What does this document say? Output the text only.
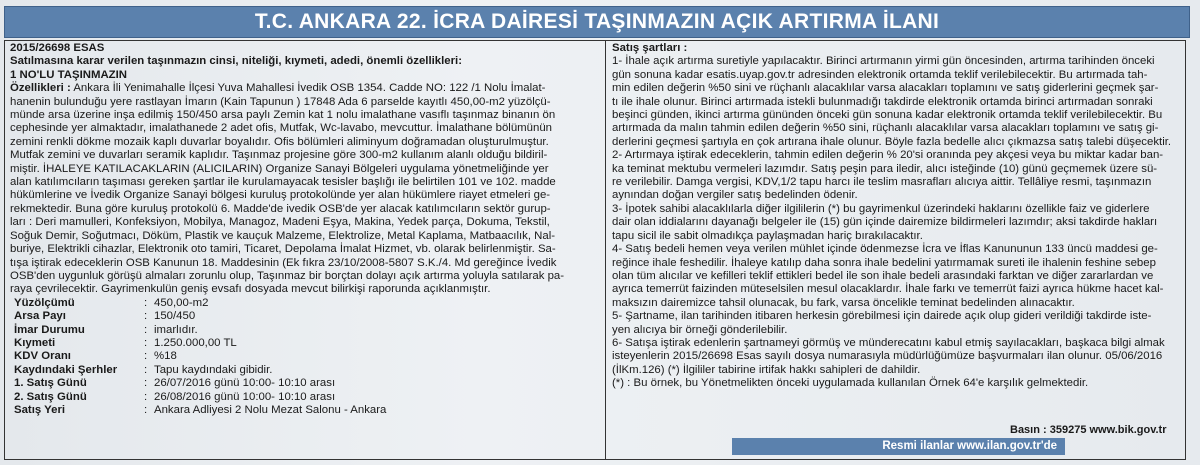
T.C. ANKARA 22. İCRA DAİRESİ TAŞINMAZIN AÇIK ARTIRMA İLANI
2015/26698 ESAS
Satılmasına karar verilen taşınmazın cinsi, niteliği, kıymeti, adedi, önemli özellikleri:
1 NO'LU TAŞINMAZIN
Özellikleri : Ankara İli Yenimahalle İlçesi Yuva Mahallesi İvedik OSB 1354. Cadde NO: 122 /1 Nolu İmalat-
hanenin bulunduğu yere rastlayan İmarın (Kain Tapunun ) 17848 Ada 6 parselde kayıtlı 450,00-m2 yüzölçü-
münde arsa üzerine inşa edilmiş 150/450 arsa paylı Zemin kat 1 nolu imalathane vasıflı taşınmaz binanın ön
cephesinde yer almaktadır, imalathanede 2 adet ofis, Mutfak, Wc-lavabo, mevcuttur. İmalathane bölümünün
zemini renkli dökme mozaik kaplı duvarlar boyalıdır. Ofis bölümleri aliminyum doğramadan oluşturulmuştur.
Mutfak zemini ve duvarları seramik kaplıdır. Taşınmaz projesine göre 300-m2 kullanım alanlı olduğu bildiril-
miştir. İHALEYE KATILACAKLARIN (ALICILARIN) Organize Sanayi Bölgeleri uygulama yönetmeliğinde yer
alan katılımcıların taşıması gereken şartlar ile kurulamayacak tesisler başlığı ile belirtilen 101 ve 102. madde
hükümlerine ve İvedik Organize Sanayi bölgesi kuruluş protokolünde yer alan hükümlere riayet etmeleri ge-
rekmektedir. Buna göre kuruluş protokolü 6. Madde'de ivedik OSB'de yer alacak katılımcıların sektör gurup-
ları : Deri mamulleri, Konfeksiyon, Mobilya, Managoz, Madeni Eşya, Makina, Yedek parça, Dokuma, Tekstil,
Soğuk Demir, Soğutmacı, Döküm, Plastik ve kauçuk Malzeme, Elektrolize, Metal Kaplama, Matbaacılık, Nal-
buriye, Elektrikli cihazlar, Elektronik oto tamiri, Ticaret, Depolama İmalat Hizmet, vb. olarak belirlenmiştir. Sa-
tışa iştirak edeceklerin OSB Kanunun 18. Maddesinin (Ek fıkra 23/10/2008-5807 S.K./4. Md gereğince İvedik
OSB'den uygunluk görüşü almaları zorunlu olup, Taşınmaz bir borçtan dolayı açık artırma yoluyla satılarak pa-
raya çevrilecektir. Gayrimenkulün geniş evsafı dosyada mevcut bilirkişi raporunda açıklanmıştır.
Yüzölçümü	: 450,00-m2
Arsa Payı	: 150/450
İmar Durumu	: imarlıdır.
Kıymeti	: 1.250.000,00 TL
KDV Oranı	: %18
Kaydındaki Şerhler	: Tapu kaydındaki gibidir.
1. Satış Günü	: 26/07/2016 günü 10:00- 10:10 arası
2. Satış Günü	: 26/08/2016 günü 10:00- 10:10 arası
Satış Yeri	: Ankara Adliyesi 2 Nolu Mezat Salonu - Ankara
Satış şartları :
1- İhale açık artırma suretiyle yapılacaktır. Birinci artırmanın yirmi gün öncesinden, artırma tarihinden önceki
gün sonuna kadar esatis.uyap.gov.tr adresinden elektronik ortamda teklif verilebilecektir. Bu artırmada tah-
min edilen değerin %50 sini ve rüçhanlı alacaklılar varsa alacakları toplamını ve satış giderlerini geçmek şar-
tı ile ihale olunur. Birinci artırmada istekli bulunmadığı takdirde elektronik ortamda birinci artırmadan sonraki
beşinci günden, ikinci artırma gününden önceki gün sonuna kadar elektronik ortamda teklif verilebilecektir. Bu
artırmada da malın tahmin edilen değerin %50 sini, rüçhanlı alacaklılar varsa alacakları toplamını ve satış gi-
derlerini geçmesi şartıyla en çok artırana ihale olunur. Böyle fazla bedelle alıcı çıkmazsa satış talebi düşecektir.
2- Artırmaya iştirak edeceklerin, tahmin edilen değerin % 20'si oranında pey akçesi veya bu miktar kadar ban-
ka teminat mektubu vermeleri lazımdır. Satış peşin para iledir, alıcı isteğinde (10) günü geçmemek üzere sü-
re verilebilir. Damga vergisi, KDV,1/2 tapu harcı ile teslim masrafları alıcıya aittir. Tellâliye resmi, taşınmazın
aynından doğan vergiler satış bedelinden ödenir.
3- İpotek sahibi alacaklılarla diğer ilgililerin (*) bu gayrimenkul üzerindeki haklarını özellikle faiz ve giderlere
dair olan iddialarını dayanağı belgeler ile (15) gün içinde dairemize bildirmeleri lazımdır; aksi takdirde hakları
tapu sicil ile sabit olmadıkça paylaşmadan hariç bırakılacaktır.
4- Satış bedeli hemen veya verilen mühlet içinde ödenmezse İcra ve İflas Kanununun 133 üncü maddesi ge-
reğince ihale feshedilir. İhaleye katılıp daha sonra ihale bedelini yatırmamak sureti ile ihalenin feshine sebep
olan tüm alıcılar ve kefilleri teklif ettikleri bedel ile son ihale bedeli arasındaki farktan ve diğer zararlardan ve
ayrıca temerrüt faizinden müteselsilen mesul olacaklardır. İhale farkı ve temerrüt faizi ayrıca hükme hacet kal-
maksızın dairemizce tahsil olunacak, bu fark, varsa öncelikle teminat bedelinden alınacaktır.
5- Şartname, ilan tarihinden itibaren herkesin görebilmesi için dairede açık olup gideri verildiği takdirde iste-
yen alıcıya bir örneği gönderilebilir.
6- Satışa iştirak edenlerin şartnameyi görmüş ve münderecatını kabul etmiş sayılacakları, başkaca bilgi almak
isteyenlerin 2015/26698 Esas sayılı dosya numarasıyla müdürlüğümüze başvurmaları ilan olunur. 05/06/2016
(İlKm.126) (*) İlgililer tabirine irtifak hakkı sahipleri de dahildir.
(*) : Bu örnek, bu Yönetmelikten önceki uygulamada kullanılan Örnek 64'e karşılık gelmektedir.
Basın : 359275 www.bik.gov.tr
Resmi ilanlar www.ilan.gov.tr'de
